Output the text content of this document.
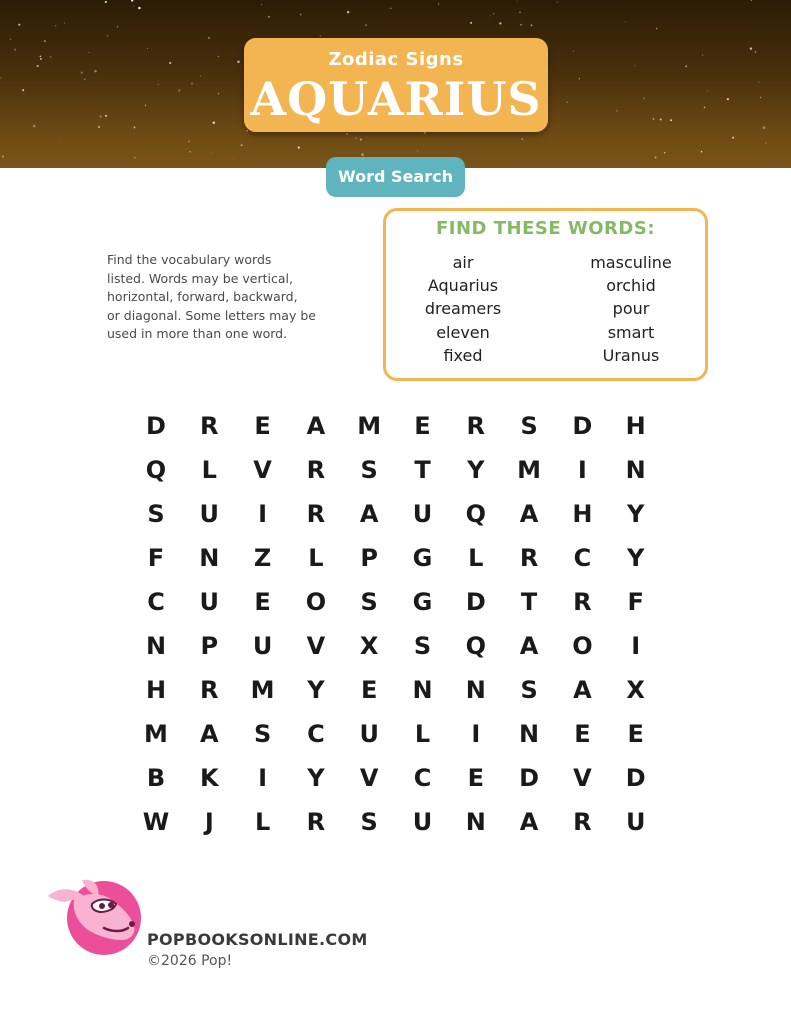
Zodiac Signs
AQUARIUS
Word Search
Find the vocabulary words
listed. Words may be vertical,
horizontal, forward, backward,
or diagonal. Some letters may be
used in more than one word.
FIND THESE WORDS:
air
Aquarius
dreamers
eleven
fixed
masculine
orchid
pour
smart
Uranus
D	R	E	A	M	E	R	S	D	H
Q	L	V	R	S	T	Y	M	I	N
S	U	I	R	A	U	Q	A	H	Y
F	N	Z	L	P	G	L	R	C	Y
C	U	E	O	S	G	D	T	R	F
N	P	U	V	X	S	Q	A	O	I
H	R	M	Y	E	N	N	S	A	X
M	A	S	C	U	L	I	N	E	E
B	K	I	Y	V	C	E	D	V	D
W	J	L	R	S	U	N	A	R	U
POPBOOKSONLINE.COM
©2026 Pop!
